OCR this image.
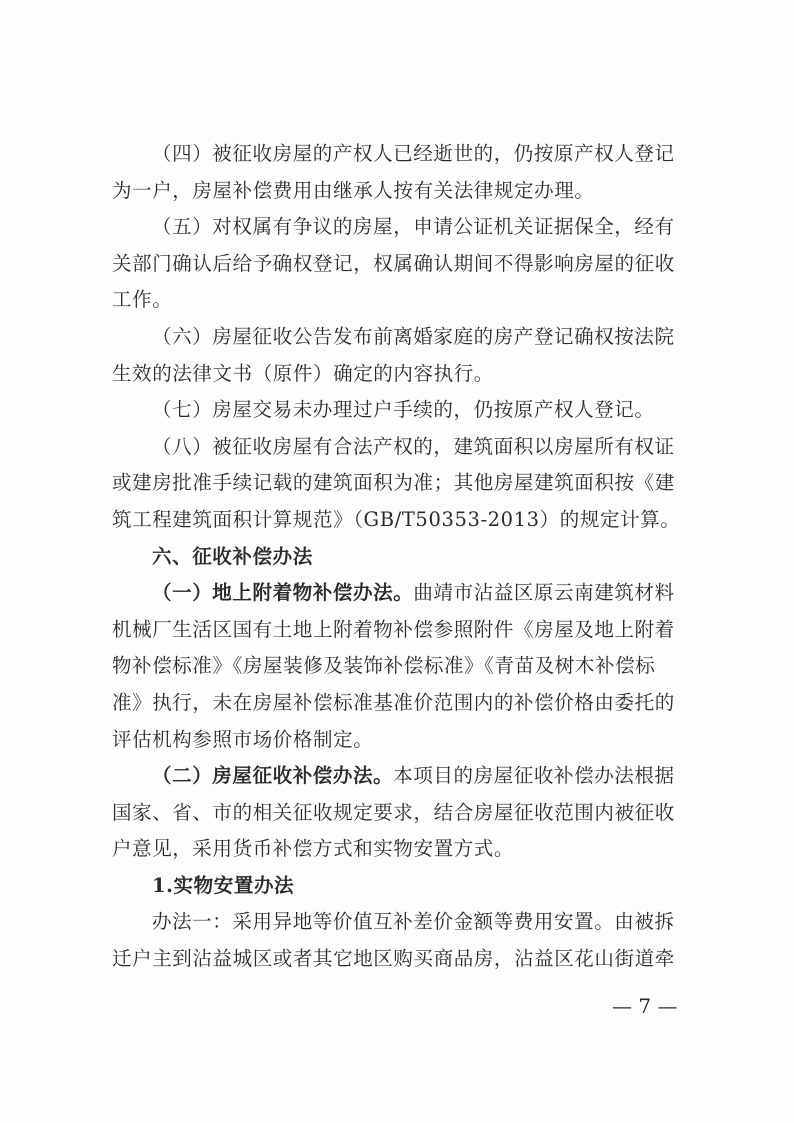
（四）被征收房屋的产权人已经逝世的，仍按原产权人登记
为一户，房屋补偿费用由继承人按有关法律规定办理。
（五）对权属有争议的房屋，申请公证机关证据保全，经有
关部门确认后给予确权登记，权属确认期间不得影响房屋的征收
工作。
（六）房屋征收公告发布前离婚家庭的房产登记确权按法院
生效的法律文书（原件）确定的内容执行。
（七）房屋交易未办理过户手续的，仍按原产权人登记。
（八）被征收房屋有合法产权的，建筑面积以房屋所有权证
或建房批准手续记载的建筑面积为准；其他房屋建筑面积按《建
筑工程建筑面积计算规范》（GB/T50353-2013）的规定计算。
六、征收补偿办法
（一）地上附着物补偿办法。曲靖市沾益区原云南建筑材料
机械厂生活区国有土地上附着物补偿参照附件《房屋及地上附着
物补偿标准》《房屋装修及装饰补偿标准》《青苗及树木补偿标
准》执行，未在房屋补偿标准基准价范围内的补偿价格由委托的
评估机构参照市场价格制定。
（二）房屋征收补偿办法。本项目的房屋征收补偿办法根据
国家、省、市的相关征收规定要求，结合房屋征收范围内被征收
户意见，采用货币补偿方式和实物安置方式。
1.实物安置办法
办法一：采用异地等价值互补差价金额等费用安置。由被拆
迁户主到沾益城区或者其它地区购买商品房，沾益区花山街道牵
— 7 —
